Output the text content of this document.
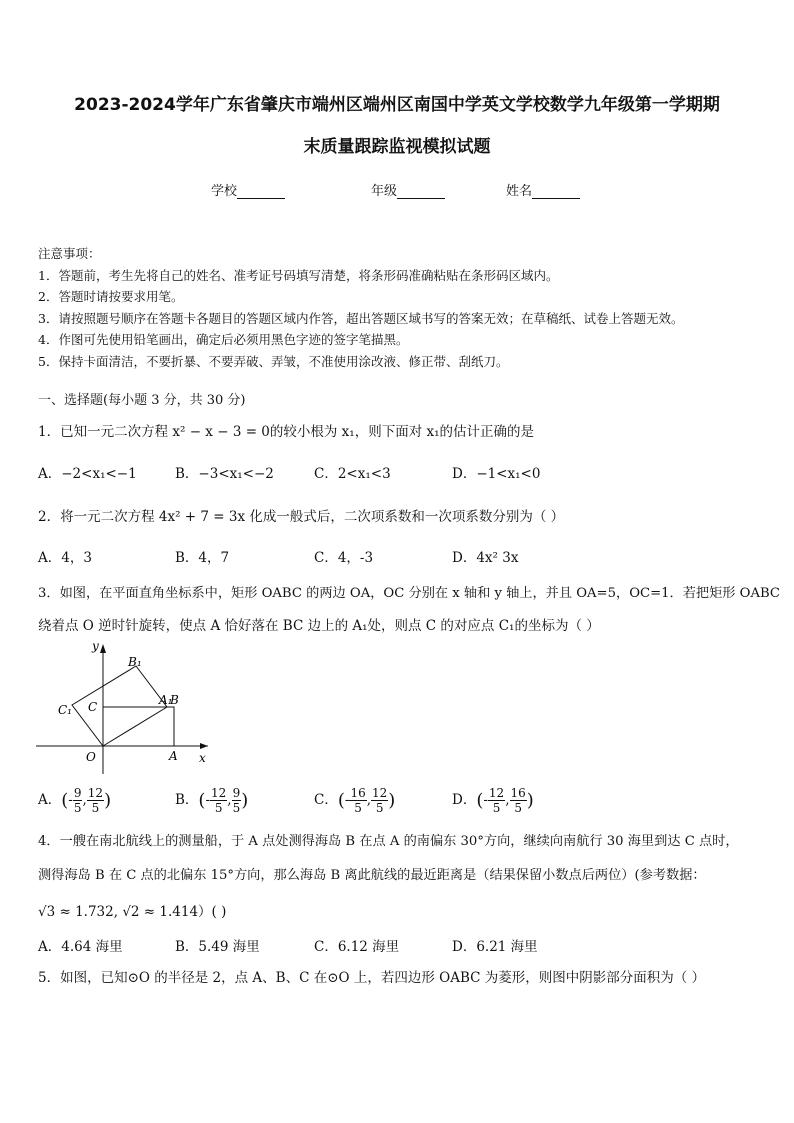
2023-2024学年广东省肇庆市端州区端州区南国中学英文学校数学九年级第一学期期
末质量跟踪监视模拟试题
学校	年级	姓名
注意事项：
1．答题前，考生先将自己的姓名、准考证号码填写清楚，将条形码准确粘贴在条形码区域内。
2．答题时请按要求用笔。
3．请按照题号顺序在答题卡各题目的答题区域内作答，超出答题区域书写的答案无效；在草稿纸、试卷上答题无效。
4．作图可先使用铅笔画出，确定后必须用黑色字迹的签字笔描黑。
5．保持卡面清洁，不要折暴、不要弄破、弄皱，不准使用涂改液、修正带、刮纸刀。
一、选择题(每小题 3 分，共 30 分)
1．已知一元二次方程 x² − x − 3 = 0的较小根为 x₁，则下面对 x₁的估计正确的是
A．−2<x₁<−1	B．−3<x₁<−2	C．2<x₁<3	D．−1<x₁<0
2．将一元二次方程 4x² + 7 = 3x 化成一般式后，二次项系数和一次项系数分别为（ ）
A．4，3	B．4，7	C．4，-3	D．4x² 3x
3．如图，在平面直角坐标系中，矩形 OABC 的两边 OA，OC 分别在 x 轴和 y 轴上，并且 OA=5，OC=1．若把矩形 OABC
绕着点 O 逆时针旋转，使点 A 恰好落在 BC 边上的 A₁处，则点 C 的对应点 C₁的坐标为（ ）
y
x
O	A
B
C	A₁
B₁
C₁
A．(- $\frac{9}{5}$ , $\frac{12}{5}$ )	B．(- $\frac{12}{5}$ , $\frac{9}{5}$ )	C．(- $\frac{16}{5}$ , $\frac{12}{5}$ )	D．(- $\frac{12}{5}$ , $\frac{16}{5}$ )
4．一艘在南北航线上的测量船，于 A 点处测得海岛 B 在点 A 的南偏东 30°方向，继续向南航行 30 海里到达 C 点时，
测得海岛 B 在 C 点的北偏东 15°方向，那么海岛 B 离此航线的最近距离是（结果保留小数点后两位）(参考数据：
√3 ≈ 1.732, √2 ≈ 1.414）( )
A．4.64 海里	B．5.49 海里	C．6.12 海里	D．6.21 海里
5．如图，已知⊙O 的半径是 2，点 A、B、C 在⊙O 上，若四边形 OABC 为菱形，则图中阴影部分面积为（ ）
